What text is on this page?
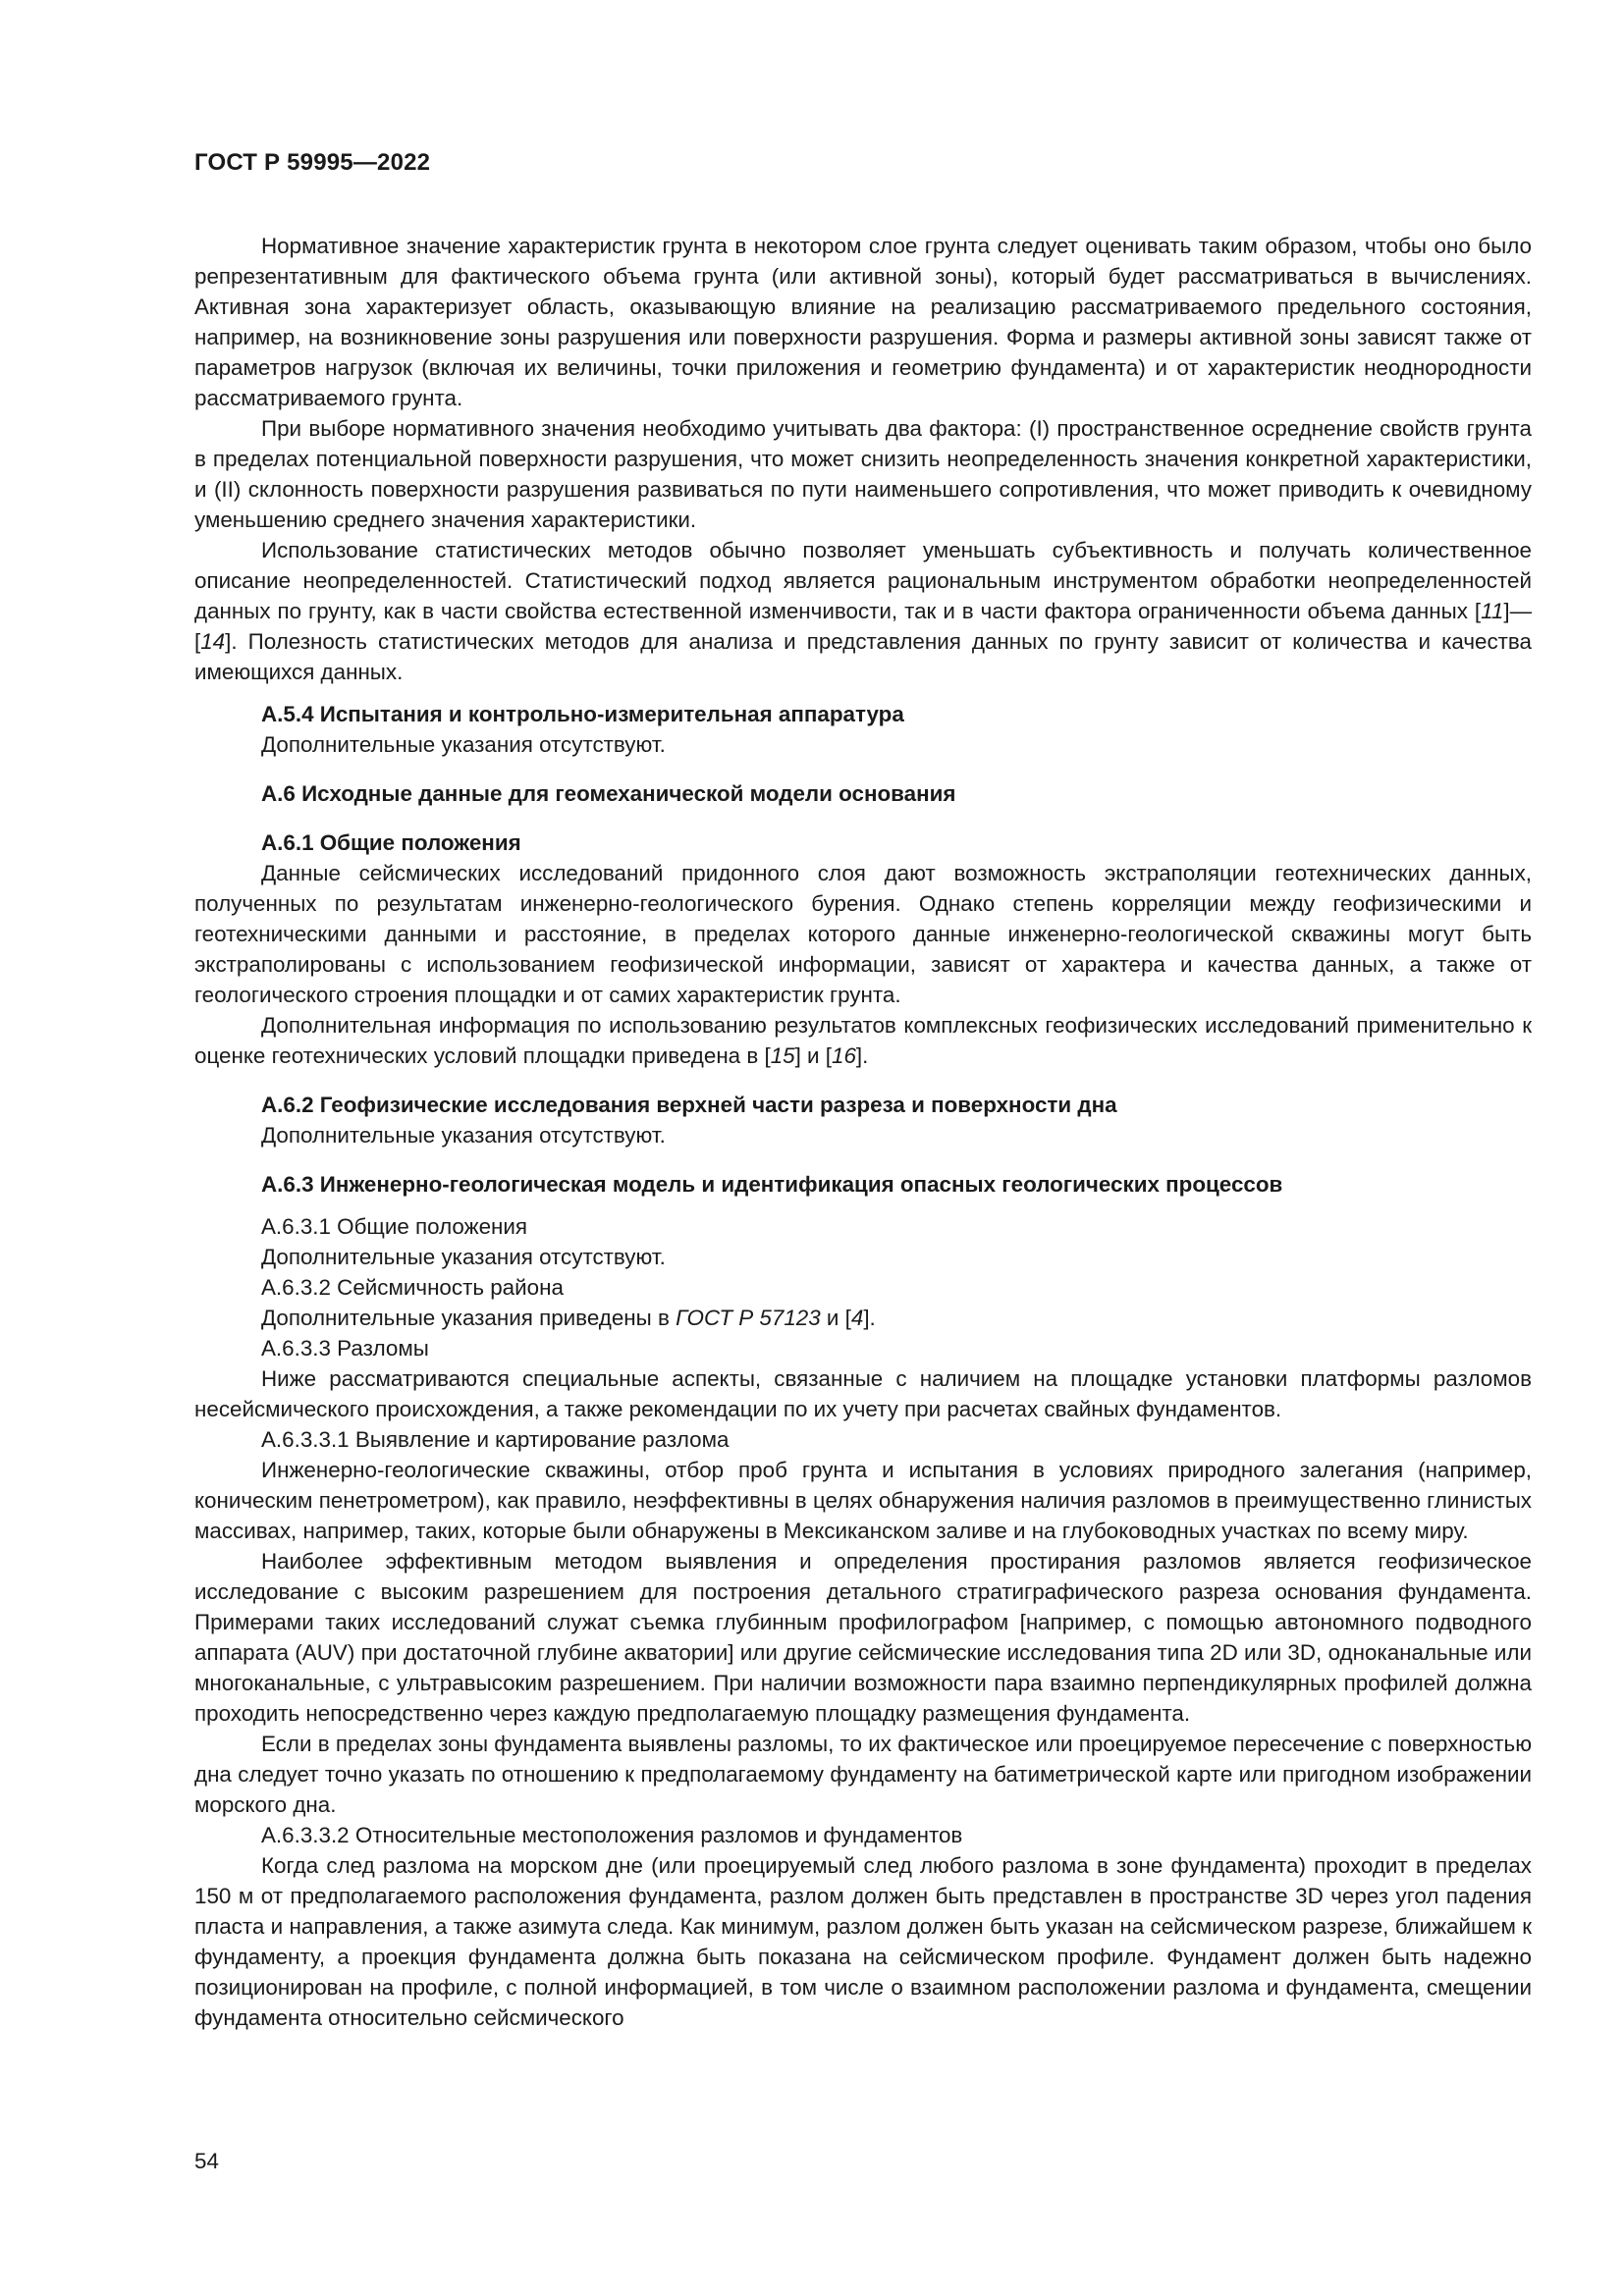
ГОСТ Р 59995—2022

Нормативное значение характеристик грунта в некотором слое грунта следует оценивать таким образом, чтобы оно было репрезентативным для фактического объема грунта (или активной зоны), который будет рассматриваться в вычислениях. Активная зона характеризует область, оказывающую влияние на реализацию рассматриваемого предельного состояния, например, на возникновение зоны разрушения или поверхности разрушения. Форма и размеры активной зоны зависят также от параметров нагрузок (включая их величины, точки приложения и геометрию фундамента) и от характеристик неоднородности рассматриваемого грунта.

При выборе нормативного значения необходимо учитывать два фактора: (I) пространственное осреднение свойств грунта в пределах потенциальной поверхности разрушения, что может снизить неопределенность значения конкретной характеристики, и (II) склонность поверхности разрушения развиваться по пути наименьшего сопротивления, что может приводить к очевидному уменьшению среднего значения характеристики.

Использование статистических методов обычно позволяет уменьшать субъективность и получать количественное описание неопределенностей. Статистический подход является рациональным инструментом обработки неопределенностей данных по грунту, как в части свойства естественной изменчивости, так и в части фактора ограниченности объема данных [11]—[14]. Полезность статистических методов для анализа и представления данных по грунту зависит от количества и качества имеющихся данных.

А.5.4 Испытания и контрольно-измерительная аппаратура
Дополнительные указания отсутствуют.
А.6 Исходные данные для геомеханической модели основания
А.6.1 Общие положения

Данные сейсмических исследований придонного слоя дают возможность экстраполяции геотехнических данных, полученных по результатам инженерно-геологического бурения. Однако степень корреляции между геофизическими и геотехническими данными и расстояние, в пределах которого данные инженерно-геологической скважины могут быть экстраполированы с использованием геофизической информации, зависят от характера и качества данных, а также от геологического строения площадки и от самих характеристик грунта.

Дополнительная информация по использованию результатов комплексных геофизических исследований применительно к оценке геотехнических условий площадки приведена в [15] и [16].

А.6.2 Геофизические исследования верхней части разреза и поверхности дна
Дополнительные указания отсутствуют.
А.6.3 Инженерно-геологическая модель и идентификация опасных геологических процессов
А.6.3.1 Общие положения
Дополнительные указания отсутствуют.
А.6.3.2 Сейсмичность района
Дополнительные указания приведены в ГОСТ Р 57123 и [4].
А.6.3.3 Разломы

Ниже рассматриваются специальные аспекты, связанные с наличием на площадке установки платформы разломов несейсмического происхождения, а также рекомендации по их учету при расчетах свайных фундаментов.

А.6.3.3.1 Выявление и картирование разлома

Инженерно-геологические скважины, отбор проб грунта и испытания в условиях природного залегания (например, коническим пенетрометром), как правило, неэффективны в целях обнаружения наличия разломов в преимущественно глинистых массивах, например, таких, которые были обнаружены в Мексиканском заливе и на глубоководных участках по всему миру.

Наиболее эффективным методом выявления и определения простирания разломов является геофизическое исследование с высоким разрешением для построения детального стратиграфического разреза основания фундамента. Примерами таких исследований служат съемка глубинным профилографом [например, с помощью автономного подводного аппарата (AUV) при достаточной глубине акватории] или другие сейсмические исследования типа 2D или 3D, одноканальные или многоканальные, с ультравысоким разрешением. При наличии возможности пара взаимно перпендикулярных профилей должна проходить непосредственно через каждую предполагаемую площадку размещения фундамента.

Если в пределах зоны фундамента выявлены разломы, то их фактическое или проецируемое пересечение с поверхностью дна следует точно указать по отношению к предполагаемому фундаменту на батиметрической карте или пригодном изображении морского дна.

А.6.3.3.2 Относительные местоположения разломов и фундаментов

Когда след разлома на морском дне (или проецируемый след любого разлома в зоне фундамента) проходит в пределах 150 м от предполагаемого расположения фундамента, разлом должен быть представлен в пространстве 3D через угол падения пласта и направления, а также азимута следа. Как минимум, разлом должен быть указан на сейсмическом разрезе, ближайшем к фундаменту, а проекция фундамента должна быть показана на сейсмическом профиле. Фундамент должен быть надежно позиционирован на профиле, с полной информацией, в том числе о взаимном расположении разлома и фундамента, смещении фундамента относительно сейсмического

54
